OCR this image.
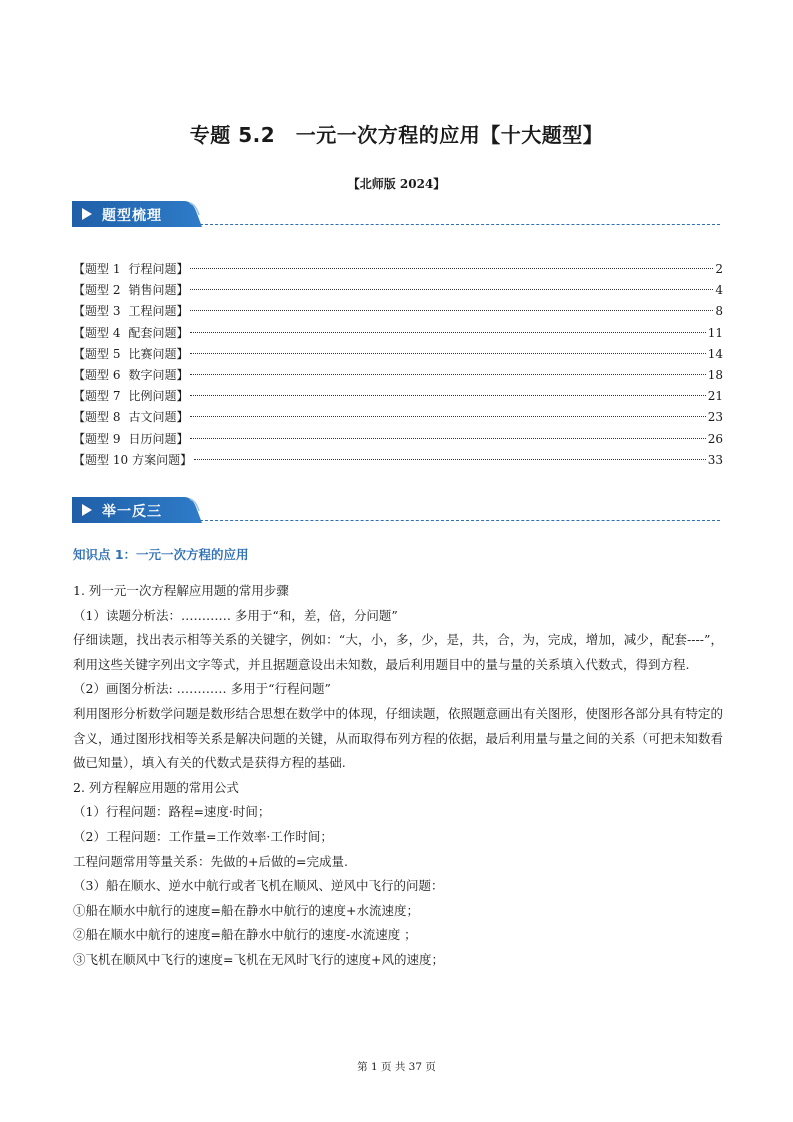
专题 5.2　一元一次方程的应用【十大题型】
【北师版 2024】
题型梳理
【题型 1 行程问题 】	2
【题型 2 销售问题 】	4
【题型 3 工程问题 】	8
【题型 4 配套问题 】	11
【题型 5 比赛问题 】	14
【题型 6 数字问题 】	18
【题型 7 比例问题 】	21
【题型 8 古文问题 】	23
【题型 9 日历问题 】	26
【题型 10 方案问题 】	33
举一反三
知识点 1：一元一次方程的应用

1. 列一元一次方程解应用题的常用步骤

（1）读题分析法：………… 多用于“和，差，倍，分问题”

仔细读题，找出表示相等关系的关键字，例如：“大，小，多，少，是，共，合，为，完成，增加，减少，配套----”，利用这些关键字列出文字等式，并且据题意设出未知数，最后利用题目中的量与量的关系填入代数式，得到方程.

（2）画图分析法: ………… 多用于“行程问题”

利用图形分析数学问题是数形结合思想在数学中的体现，仔细读题，依照题意画出有关图形，使图形各部分具有特定的含义，通过图形找相等关系是解决问题的关键，从而取得布列方程的依据，最后利用量与量之间的关系（可把未知数看做已知量），填入有关的代数式是获得方程的基础.

2. 列方程解应用题的常用公式

（1）行程问题：路程=速度·时间；

（2）工程问题：工作量=工作效率·工作时间；

工程问题常用等量关系：先做的+后做的=完成量.

（3）船在顺水、逆水中航行或者飞机在顺风、逆风中飞行的问题：

①船在顺水中航行的速度=船在静水中航行的速度+水流速度；

②船在顺水中航行的速度=船在静水中航行的速度-水流速度 ；

③飞机在顺风中飞行的速度=飞机在无风时飞行的速度+风的速度；

第 1 页 共 37 页
